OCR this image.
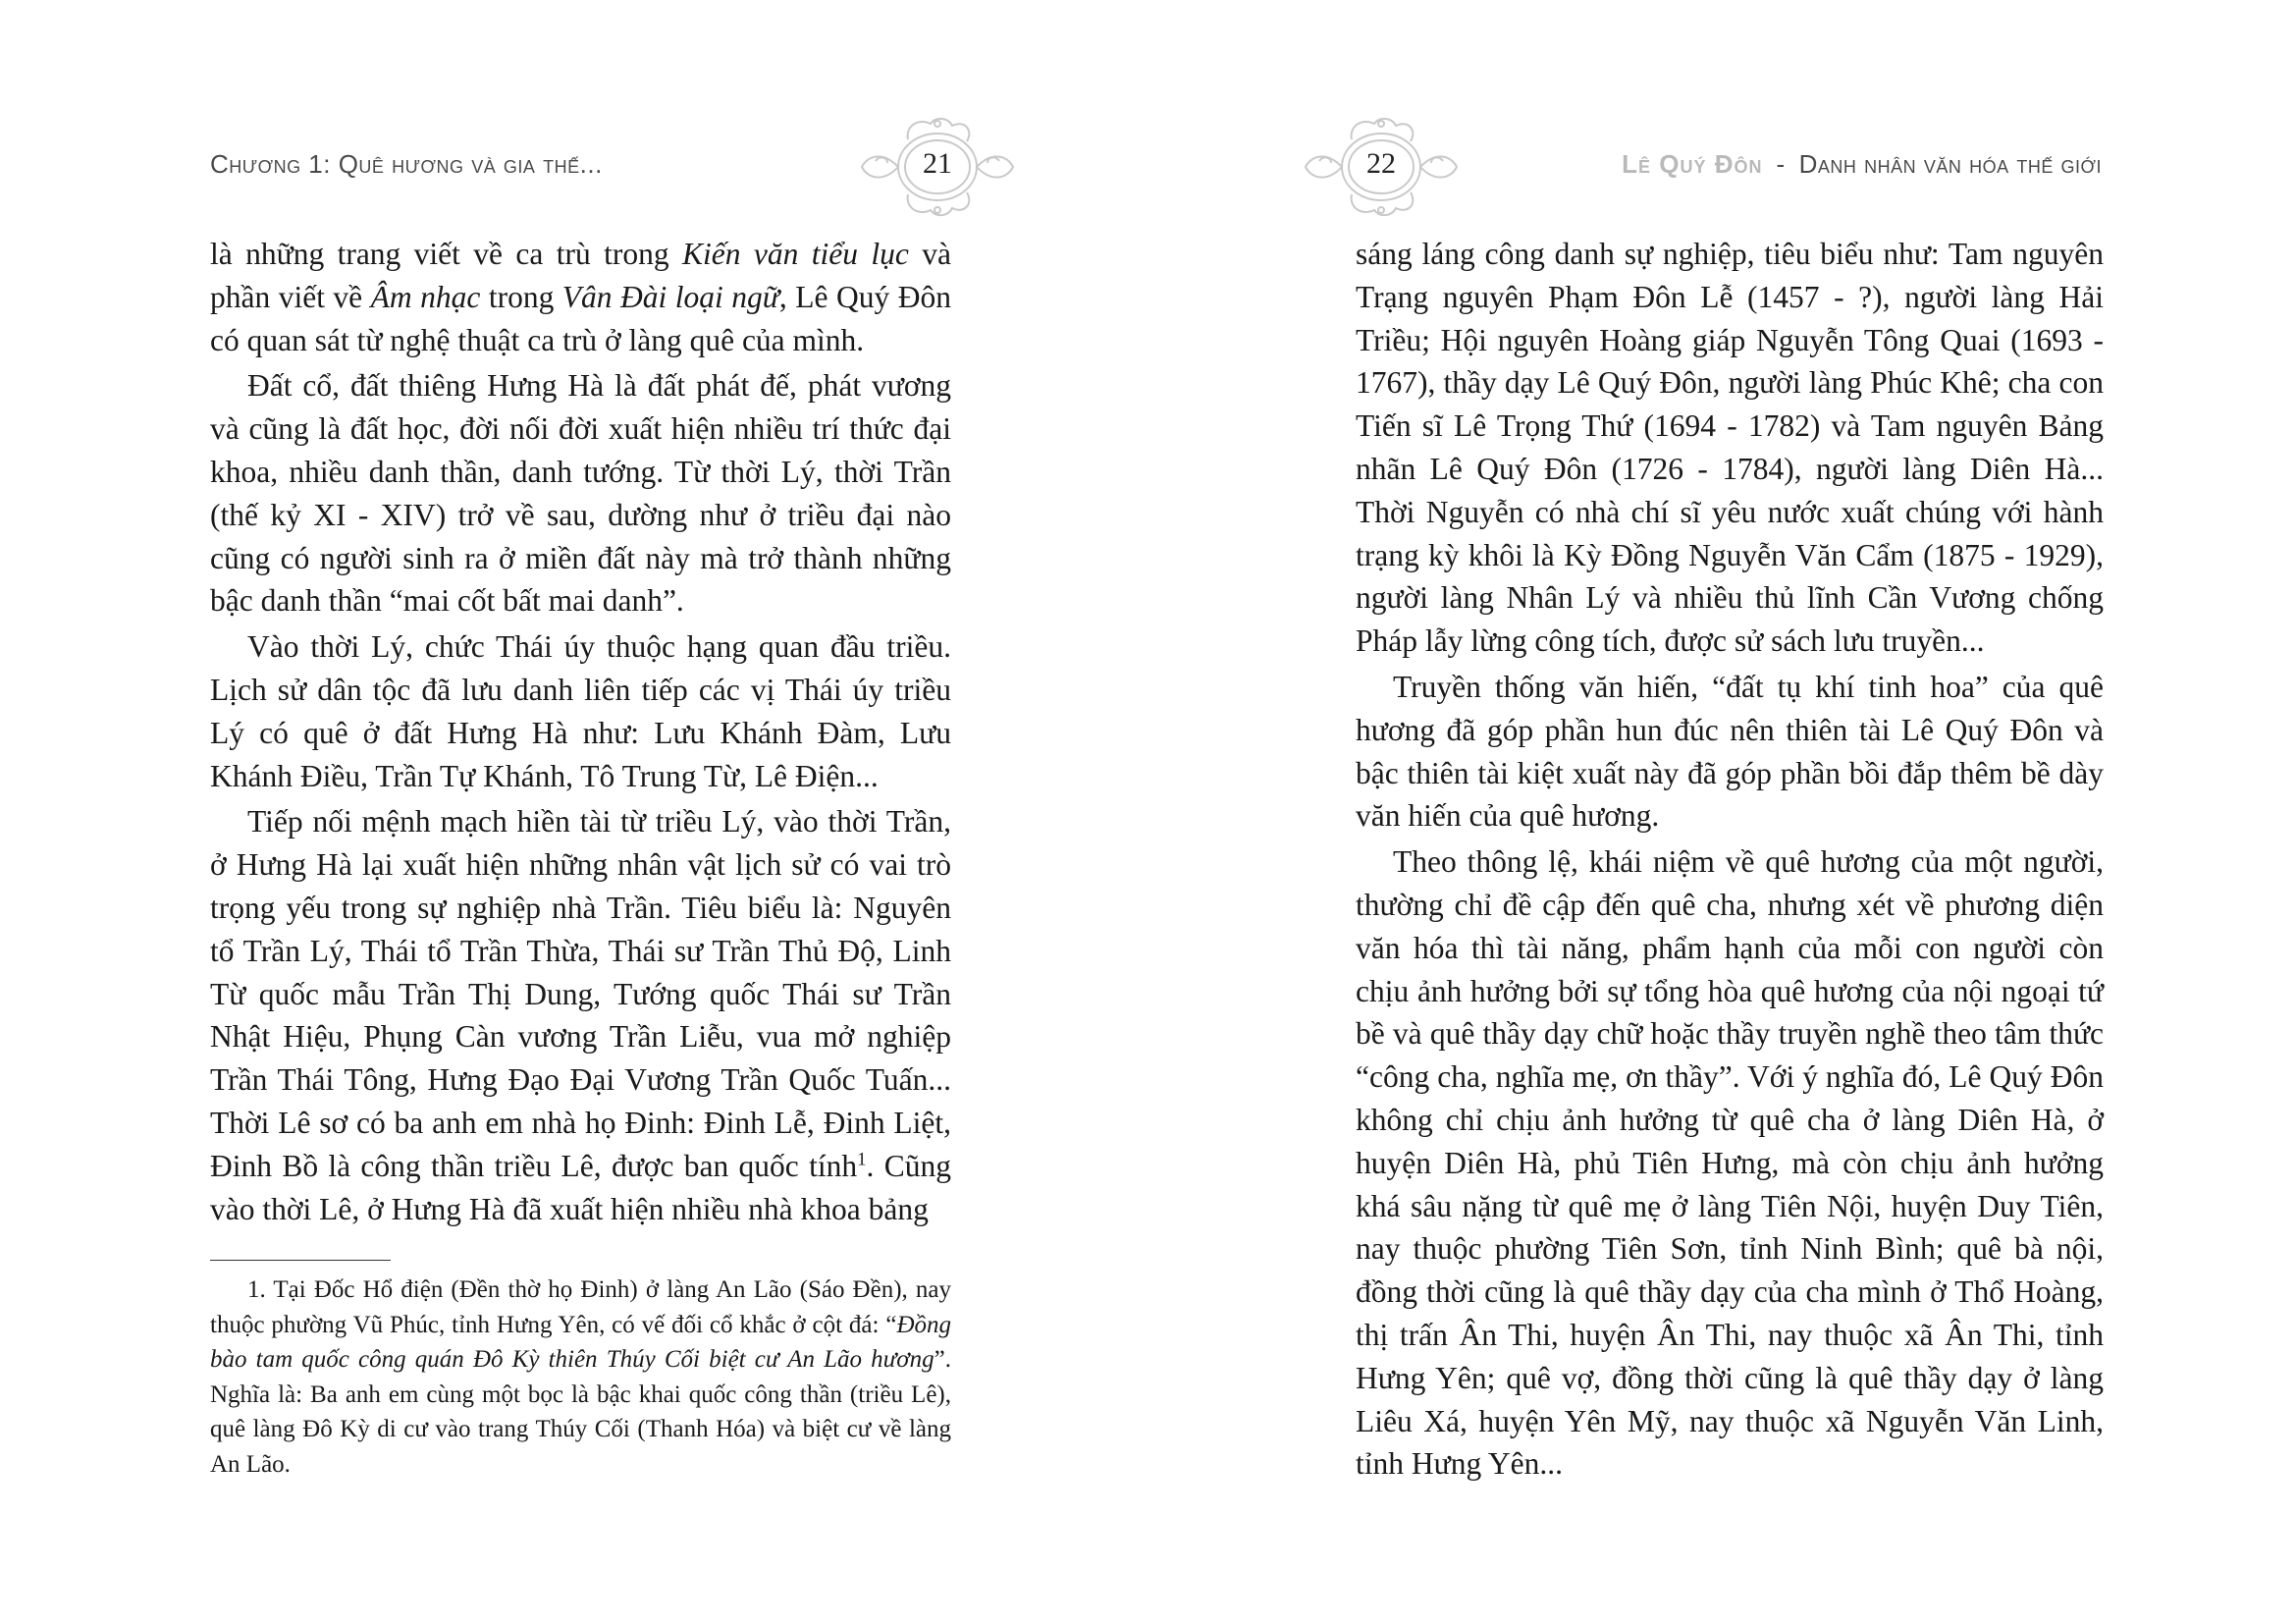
Chương 1: Quê hương và gia thế...	21

là những trang viết về ca trù trong Kiến văn tiểu lục và phần viết về Âm nhạc trong Vân Đài loại ngữ, Lê Quý Đôn có quan sát từ nghệ thuật ca trù ở làng quê của mình.

Đất cổ, đất thiêng Hưng Hà là đất phát đế, phát vương và cũng là đất học, đời nối đời xuất hiện nhiều trí thức đại khoa, nhiều danh thần, danh tướng. Từ thời Lý, thời Trần (thế kỷ XI - XIV) trở về sau, dường như ở triều đại nào cũng có người sinh ra ở miền đất này mà trở thành những bậc danh thần “mai cốt bất mai danh”.

Vào thời Lý, chức Thái úy thuộc hạng quan đầu triều. Lịch sử dân tộc đã lưu danh liên tiếp các vị Thái úy triều Lý có quê ở đất Hưng Hà như: Lưu Khánh Đàm, Lưu Khánh Điều, Trần Tự Khánh, Tô Trung Từ, Lê Điện...

Tiếp nối mệnh mạch hiền tài từ triều Lý, vào thời Trần, ở Hưng Hà lại xuất hiện những nhân vật lịch sử có vai trò trọng yếu trong sự nghiệp nhà Trần. Tiêu biểu là: Nguyên tổ Trần Lý, Thái tổ Trần Thừa, Thái sư Trần Thủ Độ, Linh Từ quốc mẫu Trần Thị Dung, Tướng quốc Thái sư Trần Nhật Hiệu, Phụng Càn vương Trần Liễu, vua mở nghiệp Trần Thái Tông, Hưng Đạo Đại Vương Trần Quốc Tuấn... Thời Lê sơ có ba anh em nhà họ Đinh: Đinh Lễ, Đinh Liệt, Đinh Bồ là công thần triều Lê, được ban quốc tính$^1$. Cũng vào thời Lê, ở Hưng Hà đã xuất hiện nhiều nhà khoa bảng

1. Tại Đốc Hổ điện (Đền thờ họ Đinh) ở làng An Lão (Sáo Đền), nay thuộc phường Vũ Phúc, tỉnh Hưng Yên, có vế đối cổ khắc ở cột đá: “Đồng bào tam quốc công quán Đô Kỳ thiên Thúy Cối biệt cư An Lão hương”. Nghĩa là: Ba anh em cùng một bọc là bậc khai quốc công thần (triều Lê), quê làng Đô Kỳ di cư vào trang Thúy Cối (Thanh Hóa) và biệt cư về làng An Lão.
22	Lê Quý Đôn - Danh nhân văn hóa thế giới

sáng láng công danh sự nghiệp, tiêu biểu như: Tam nguyên Trạng nguyên Phạm Đôn Lễ (1457 - ?), người làng Hải Triều; Hội nguyên Hoàng giáp Nguyễn Tông Quai (1693 - 1767), thầy dạy Lê Quý Đôn, người làng Phúc Khê; cha con Tiến sĩ Lê Trọng Thứ (1694 - 1782) và Tam nguyên Bảng nhãn Lê Quý Đôn (1726 - 1784), người làng Diên Hà... Thời Nguyễn có nhà chí sĩ yêu nước xuất chúng với hành trạng kỳ khôi là Kỳ Đồng Nguyễn Văn Cẩm (1875 - 1929), người làng Nhân Lý và nhiều thủ lĩnh Cần Vương chống Pháp lẫy lừng công tích, được sử sách lưu truyền...

Truyền thống văn hiến, “đất tụ khí tinh hoa” của quê hương đã góp phần hun đúc nên thiên tài Lê Quý Đôn và bậc thiên tài kiệt xuất này đã góp phần bồi đắp thêm bề dày văn hiến của quê hương.

Theo thông lệ, khái niệm về quê hương của một người, thường chỉ đề cập đến quê cha, nhưng xét về phương diện văn hóa thì tài năng, phẩm hạnh của mỗi con người còn chịu ảnh hưởng bởi sự tổng hòa quê hương của nội ngoại tứ bề và quê thầy dạy chữ hoặc thầy truyền nghề theo tâm thức “công cha, nghĩa mẹ, ơn thầy”. Với ý nghĩa đó, Lê Quý Đôn không chỉ chịu ảnh hưởng từ quê cha ở làng Diên Hà, ở huyện Diên Hà, phủ Tiên Hưng, mà còn chịu ảnh hưởng khá sâu nặng từ quê mẹ ở làng Tiên Nội, huyện Duy Tiên, nay thuộc phường Tiên Sơn, tỉnh Ninh Bình; quê bà nội, đồng thời cũng là quê thầy dạy của cha mình ở Thổ Hoàng, thị trấn Ân Thi, huyện Ân Thi, nay thuộc xã Ân Thi, tỉnh Hưng Yên; quê vợ, đồng thời cũng là quê thầy dạy ở làng Liêu Xá, huyện Yên Mỹ, nay thuộc xã Nguyễn Văn Linh, tỉnh Hưng Yên...
